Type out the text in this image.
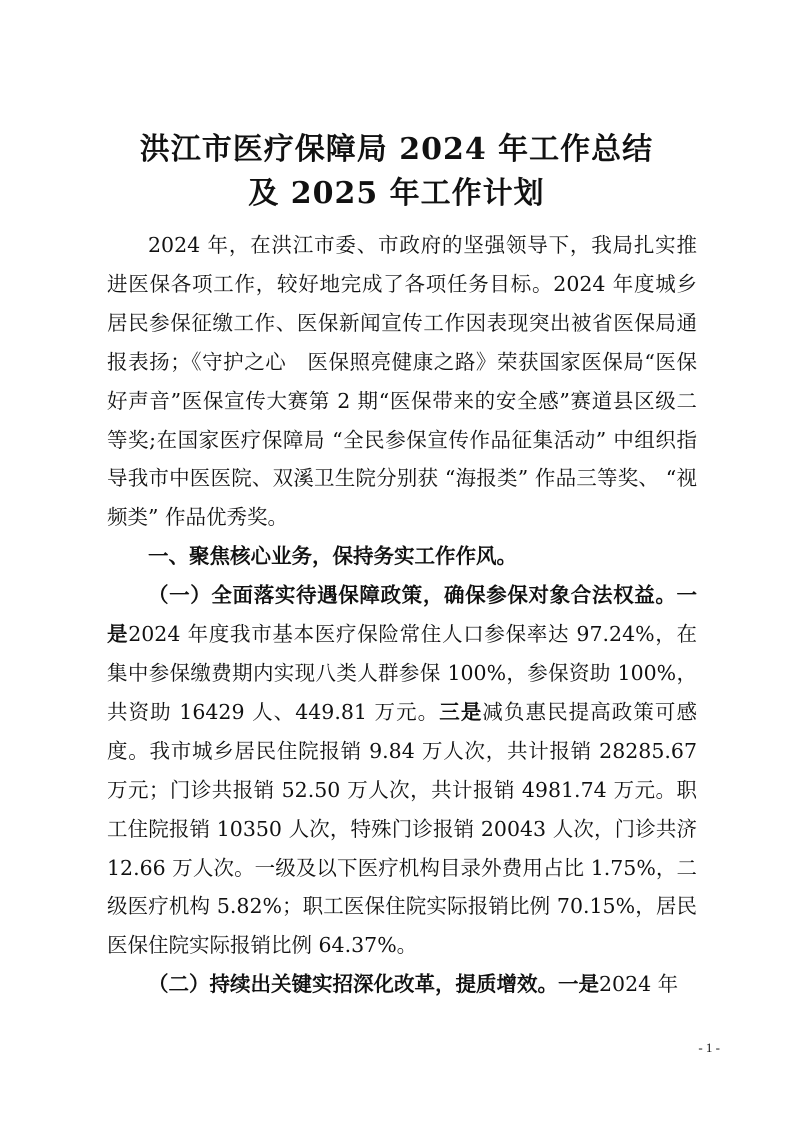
洪江市医疗保障局 2024 年工作总结

及 2025 年工作计划

2024 年，在洪江市委、市政府的坚强领导下，我局扎实推进医保各项工作，较好地完成了各项任务目标。2024 年度城乡居民参保征缴工作、医保新闻宣传工作因表现突出被省医保局通报表扬；《守护之心　医保照亮健康之路》荣获国家医保局“医保好声音”医保宣传大赛第 2 期“医保带来的安全感”赛道县区级二等奖;在国家医疗保障局 “全民参保宣传作品征集活动” 中组织指导我市中医医院、双溪卫生院分别获 “海报类” 作品三等奖、 “视频类” 作品优秀奖。

一、聚焦核心业务，保持务实工作作风。

（一）全面落实待遇保障政策，确保参保对象合法权益。一是2024 年度我市基本医疗保险常住人口参保率达 97.24%，在集中参保缴费期内实现八类人群参保 100%，参保资助 100%，共资助 16429 人、449.81 万元。三是减负惠民提高政策可感度。我市城乡居民住院报销 9.84 万人次，共计报销 28285.67 万元；门诊共报销 52.50 万人次，共计报销 4981.74 万元。职工住院报销 10350 人次，特殊门诊报销 20043 人次，门诊共济 12.66 万人次。一级及以下医疗机构目录外费用占比 1.75%，二级医疗机构 5.82%；职工医保住院实际报销比例 70.15%，居民医保住院实际报销比例 64.37%。

（二）持续出关键实招深化改革，提质增效。一是2024 年

- 1 -
